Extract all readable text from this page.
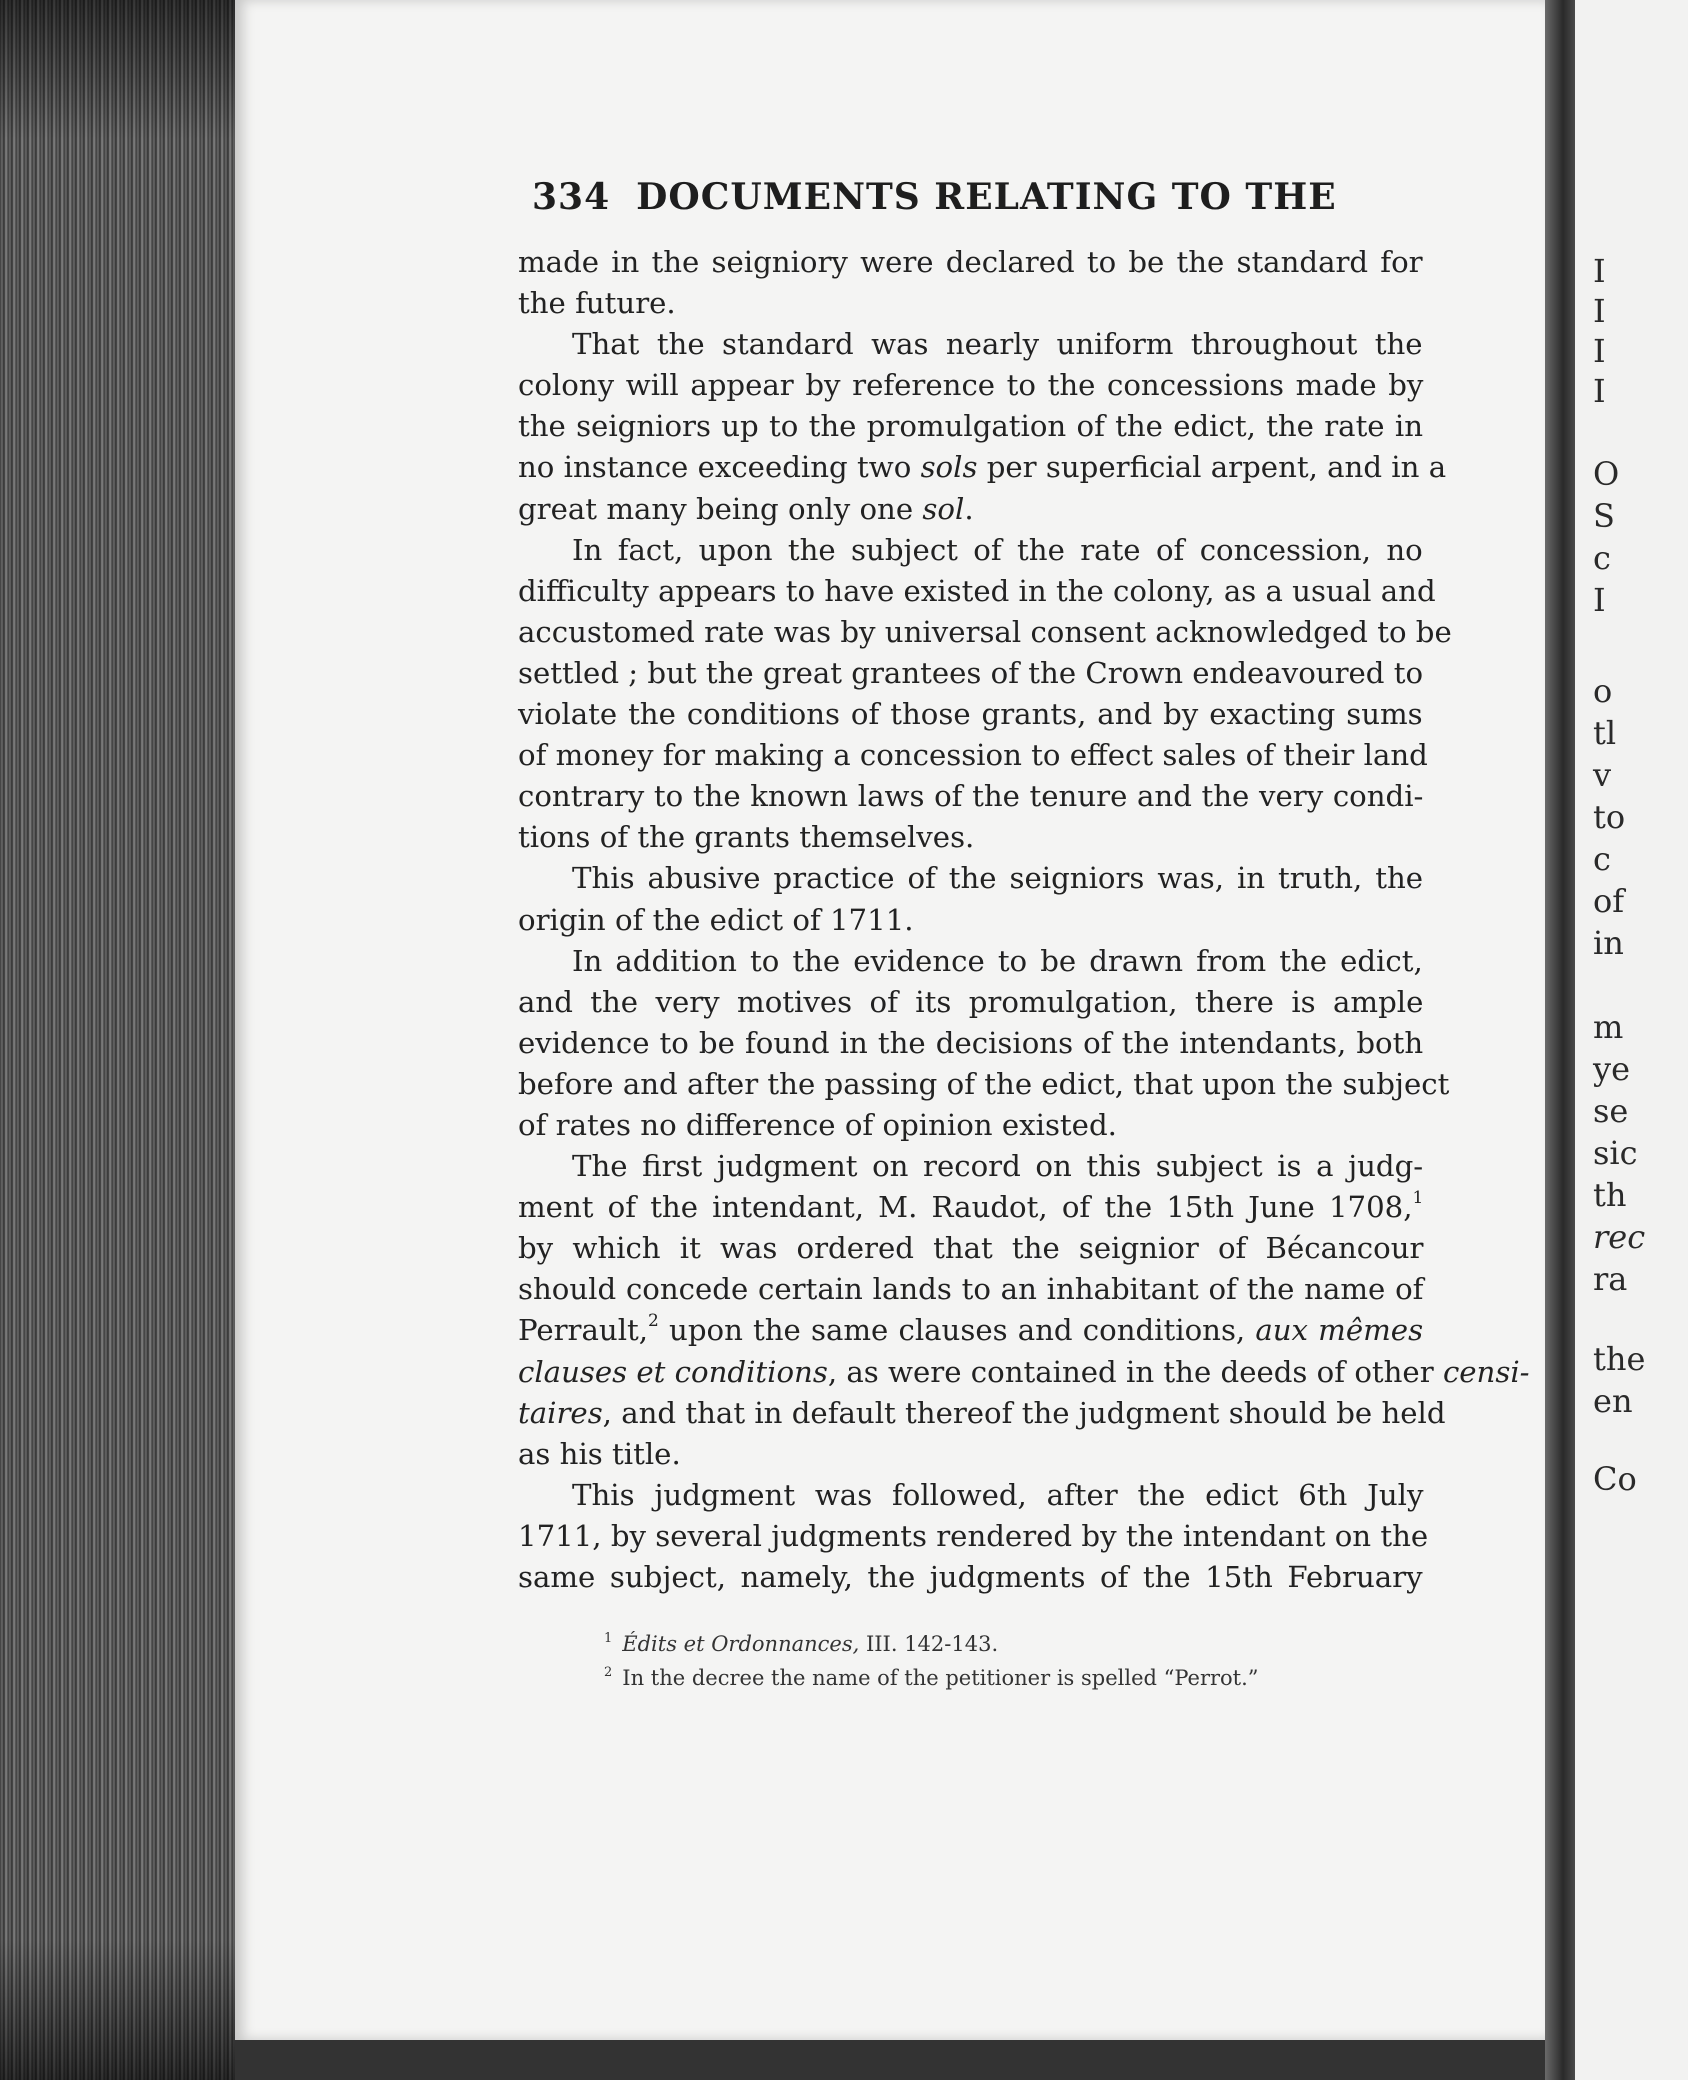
I
I
I
I
O
S
c
I
o
tl
v
to
c
of
in
m
ye
se
sic
th
rec
ra
the
en
Co
334 DOCUMENTS RELATING TO THE
made in the seigniory were declared to be the standard for
the future.
That the standard was nearly uniform throughout the
colony will appear by reference to the concessions made by
the seigniors up to the promulgation of the edict, the rate in
no instance exceeding two sols per superficial arpent, and in a
great many being only one sol.
In fact, upon the subject of the rate of concession, no
difficulty appears to have existed in the colony, as a usual and
accustomed rate was by universal consent acknowledged to be
settled ; but the great grantees of the Crown endeavoured to
violate the conditions of those grants, and by exacting sums
of money for making a concession to effect sales of their land
contrary to the known laws of the tenure and the very condi-
tions of the grants themselves.
This abusive practice of the seigniors was, in truth, the
origin of the edict of 1711.
In addition to the evidence to be drawn from the edict,
and the very motives of its promulgation, there is ample
evidence to be found in the decisions of the intendants, both
before and after the passing of the edict, that upon the subject
of rates no difference of opinion existed.
The first judgment on record on this subject is a judg-
ment of the intendant, M. Raudot, of the 15th June 1708,$^1$
by which it was ordered that the seignior of Bécancour
should concede certain lands to an inhabitant of the name of
Perrault,$^2$ upon the same clauses and conditions, aux mêmes
clauses et conditions, as were contained in the deeds of other censi-
taires, and that in default thereof the judgment should be held
as his title.
This judgment was followed, after the edict 6th July
1711, by several judgments rendered by the intendant on the
same subject, namely, the judgments of the 15th February
$^1$ Édits et Ordonnances, III. 142-143.
$^2$ In the decree the name of the petitioner is spelled “Perrot.”
